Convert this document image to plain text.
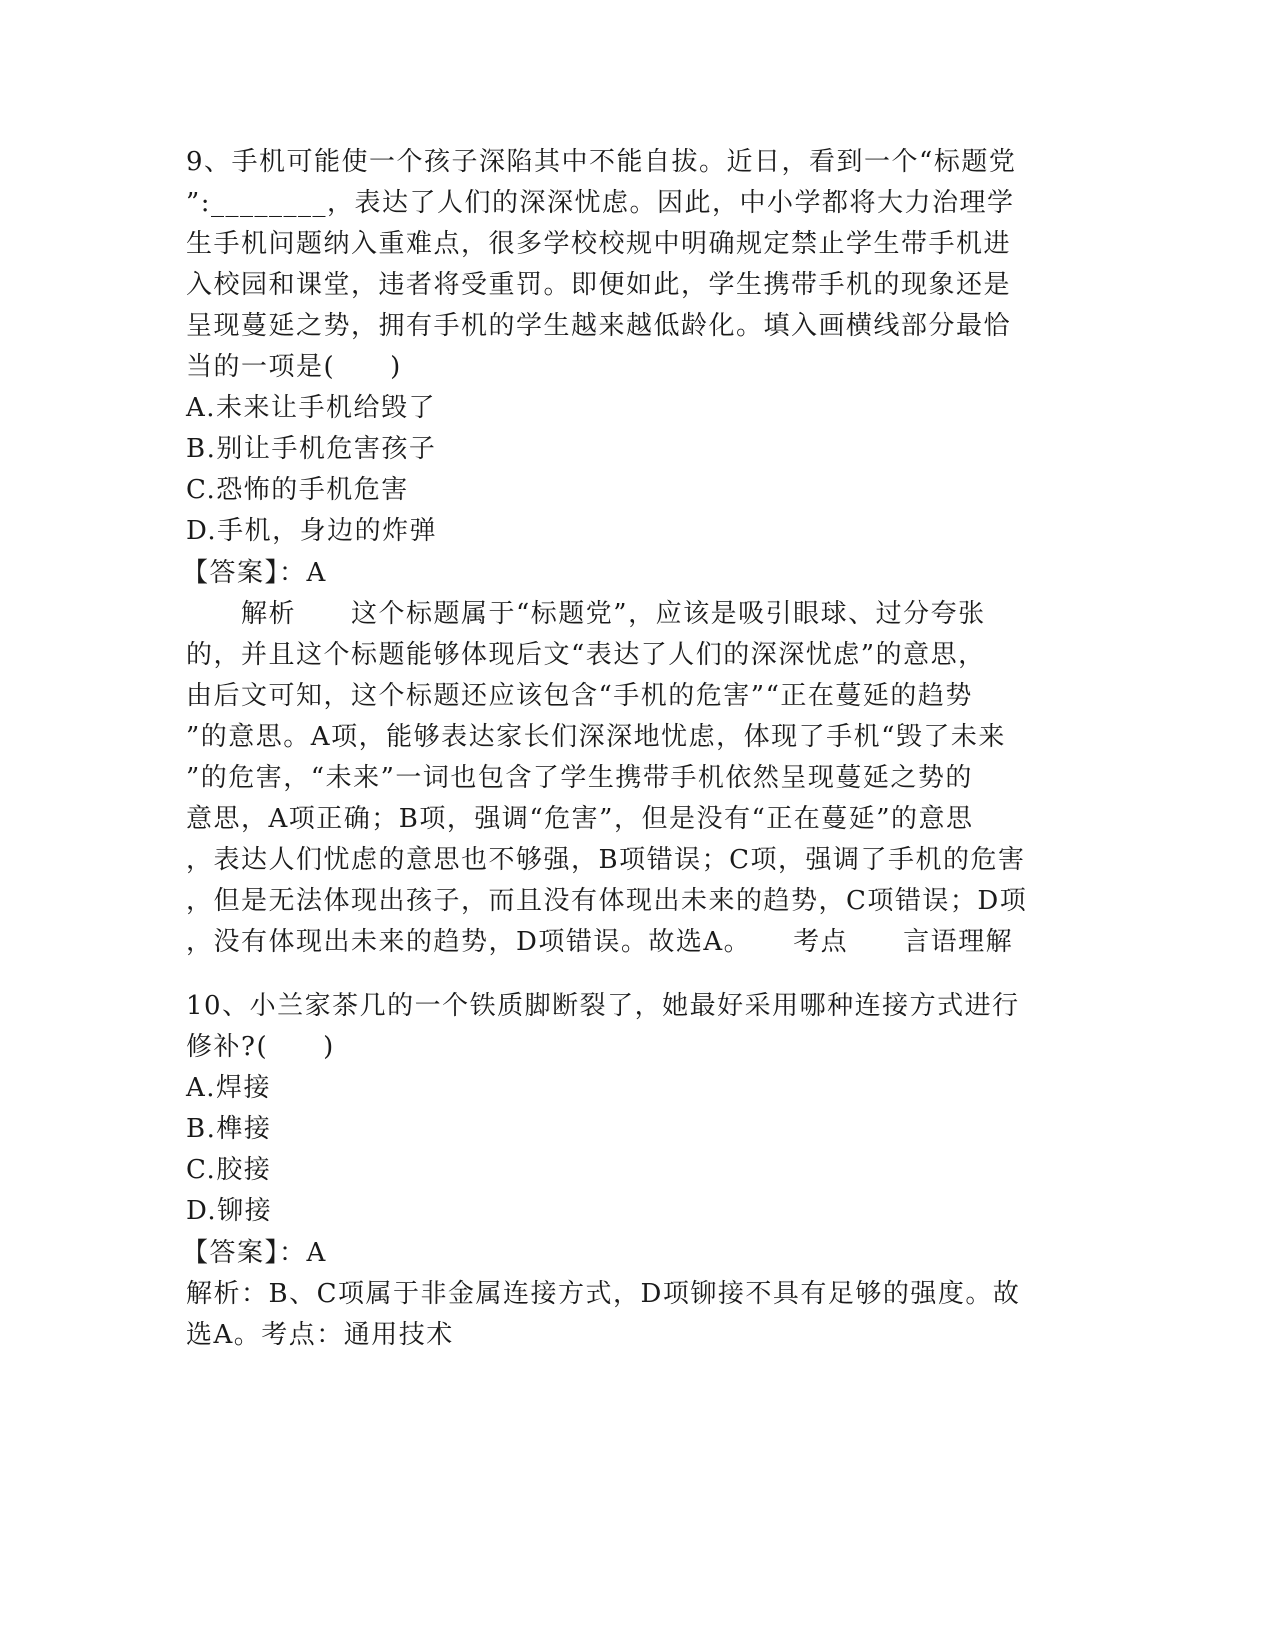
9、手机可能使一个孩子深陷其中不能自拔。近日，看到一个“标题党
”:________，表达了人们的深深忧虑。因此，中小学都将大力治理学
生手机问题纳入重难点，很多学校校规中明确规定禁止学生带手机进
入校园和课堂，违者将受重罚。即便如此，学生携带手机的现象还是
呈现蔓延之势，拥有手机的学生越来越低龄化。填入画横线部分最恰
当的一项是(　　)
A.未来让手机给毁了
B.别让手机危害孩子
C.恐怖的手机危害
D.手机，身边的炸弹
【答案】：A
　　解析　　这个标题属于“标题党”，应该是吸引眼球、过分夸张
的，并且这个标题能够体现后文“表达了人们的深深忧虑”的意思，
由后文可知，这个标题还应该包含“手机的危害”“正在蔓延的趋势
”的意思。A项，能够表达家长们深深地忧虑，体现了手机“毁了未来
”的危害，“未来”一词也包含了学生携带手机依然呈现蔓延之势的
意思，A项正确；B项，强调“危害”，但是没有“正在蔓延”的意思
，表达人们忧虑的意思也不够强，B项错误；C项，强调了手机的危害
，但是无法体现出孩子，而且没有体现出未来的趋势，C项错误；D项
，没有体现出未来的趋势，D项错误。故选A。　　考点　　言语理解
10、小兰家茶几的一个铁质脚断裂了，她最好采用哪种连接方式进行
修补?(　　)
A.焊接
B.榫接
C.胶接
D.铆接
【答案】：A
解析：B、C项属于非金属连接方式，D项铆接不具有足够的强度。故
选A。考点：通用技术
